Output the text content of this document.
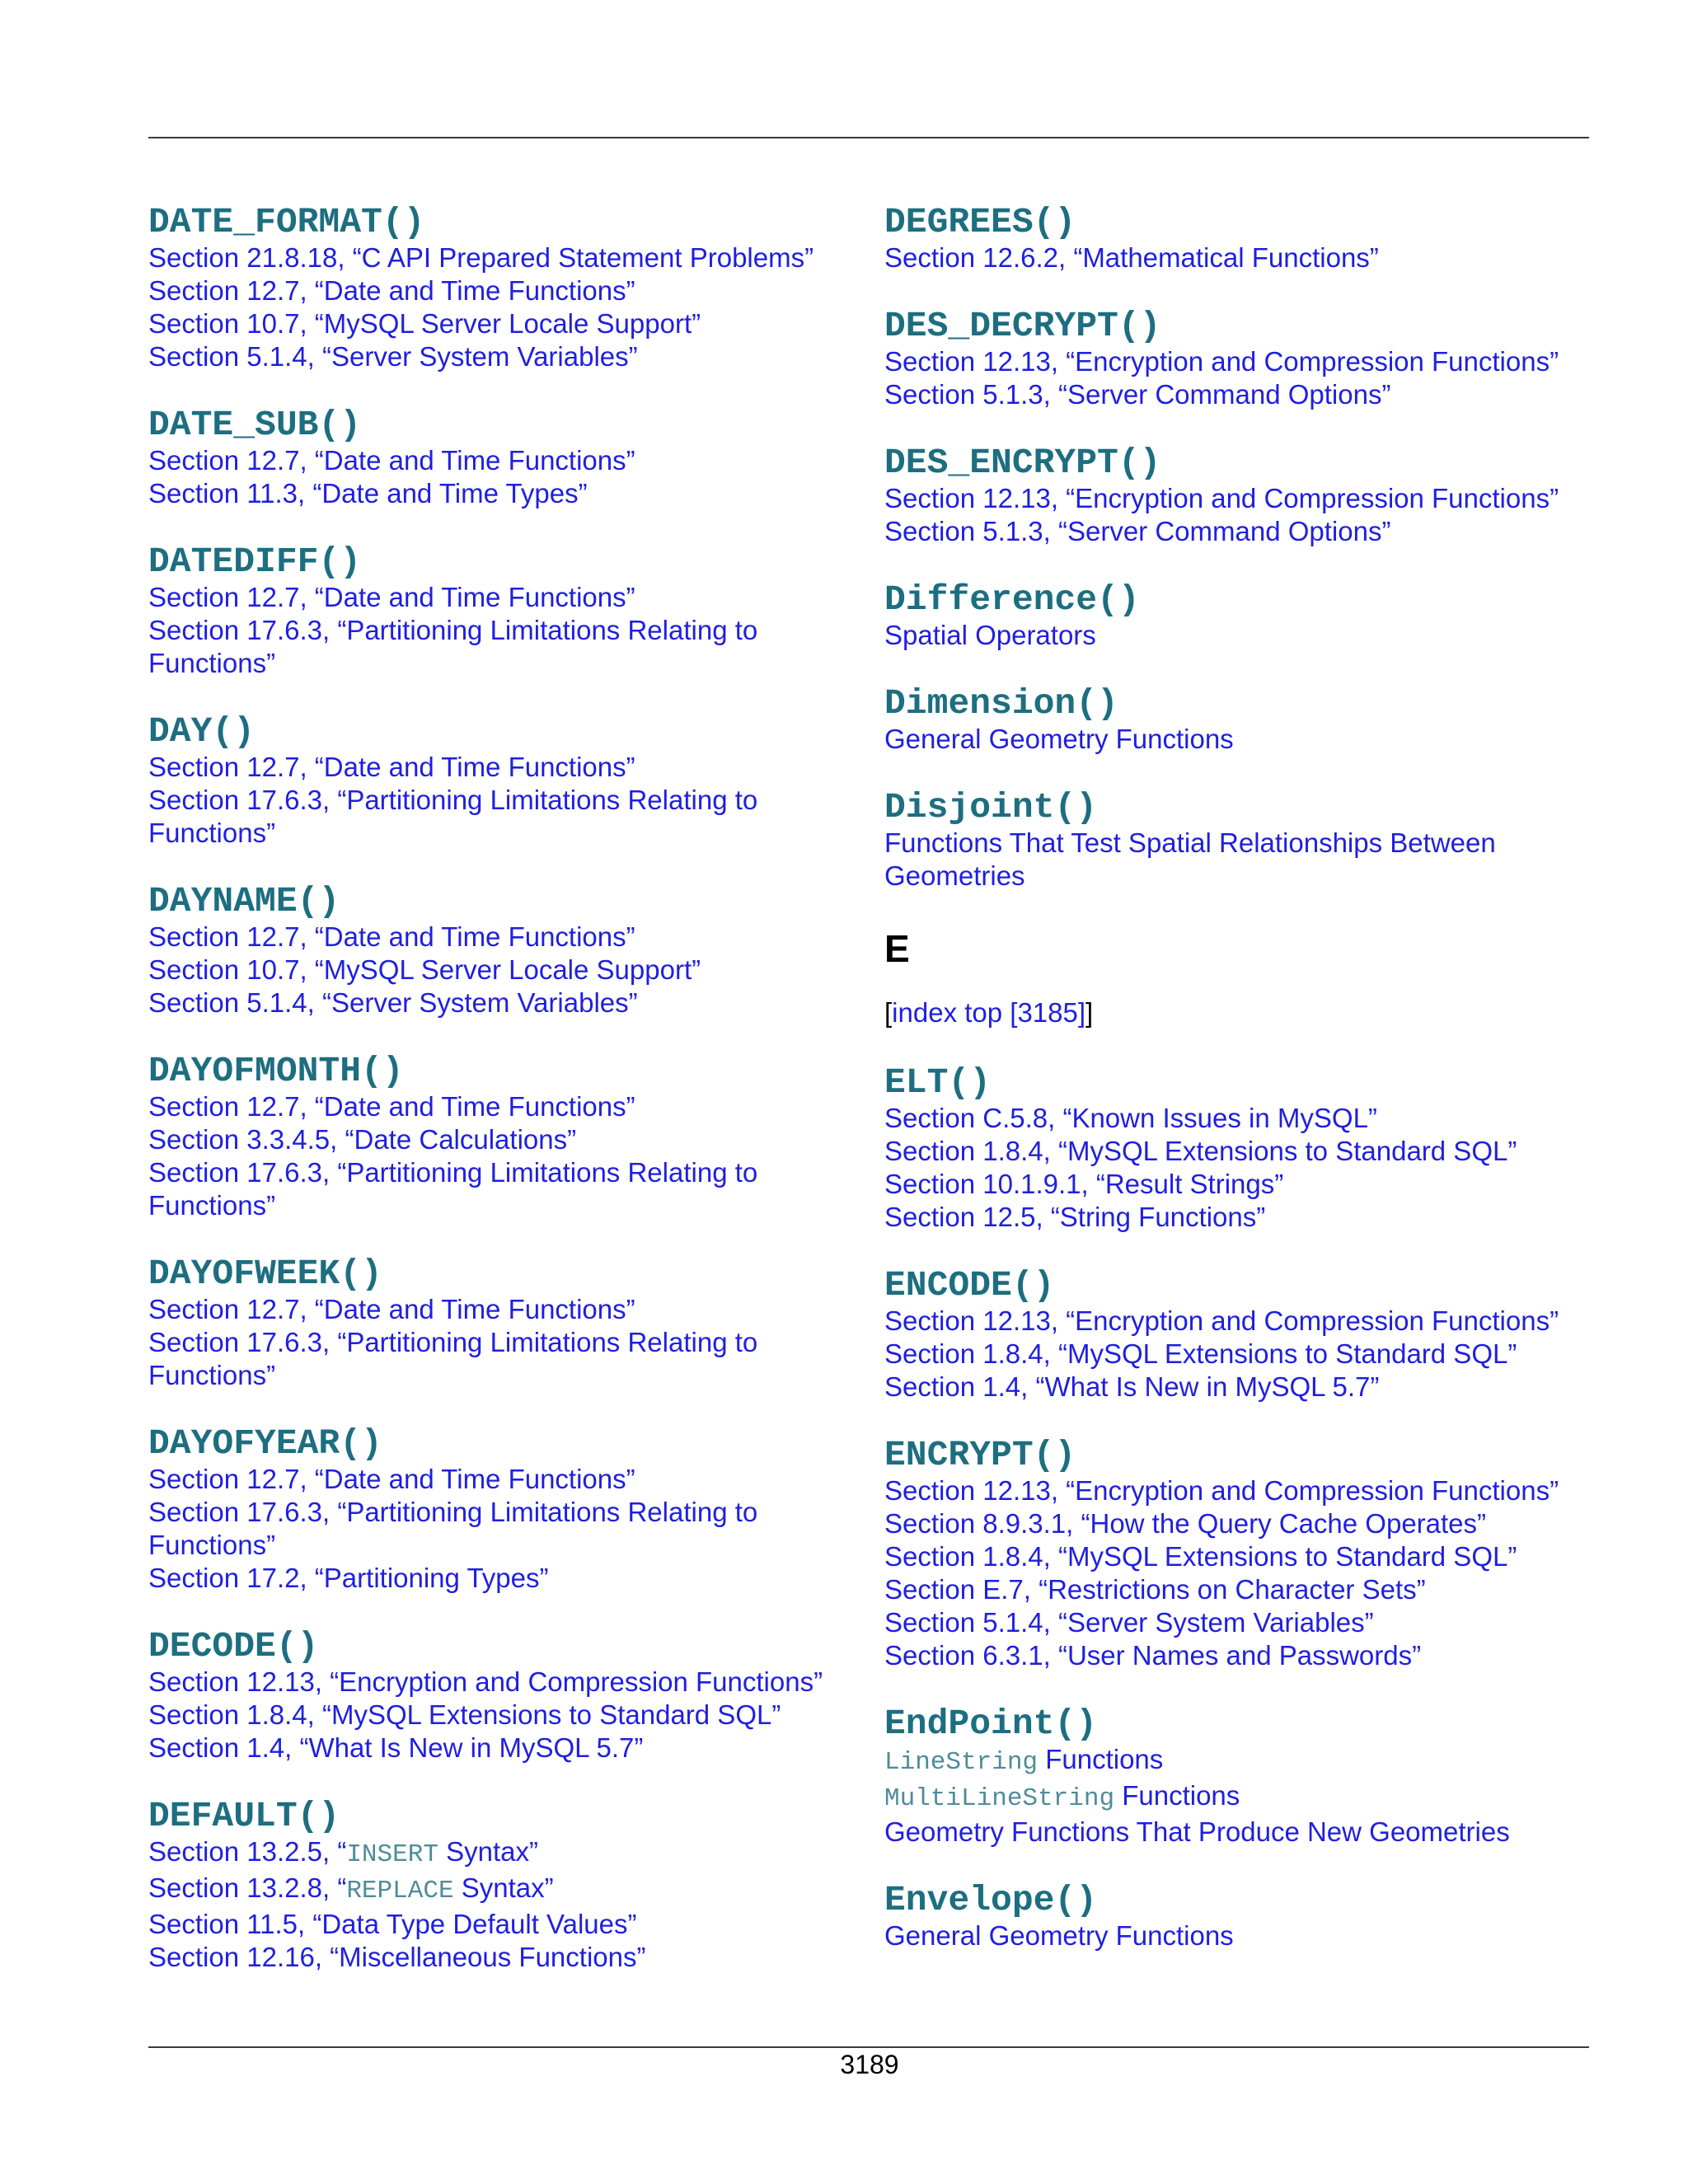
DATE_FORMAT()
Section 21.8.18, “C API Prepared Statement Problems”
Section 12.7, “Date and Time Functions”
Section 10.7, “MySQL Server Locale Support”
Section 5.1.4, “Server System Variables”
DATE_SUB()
Section 12.7, “Date and Time Functions”
Section 11.3, “Date and Time Types”
DATEDIFF()
Section 12.7, “Date and Time Functions”
Section 17.6.3, “Partitioning Limitations Relating to
Functions”
DAY()
Section 12.7, “Date and Time Functions”
Section 17.6.3, “Partitioning Limitations Relating to
Functions”
DAYNAME()
Section 12.7, “Date and Time Functions”
Section 10.7, “MySQL Server Locale Support”
Section 5.1.4, “Server System Variables”
DAYOFMONTH()
Section 12.7, “Date and Time Functions”
Section 3.3.4.5, “Date Calculations”
Section 17.6.3, “Partitioning Limitations Relating to
Functions”
DAYOFWEEK()
Section 12.7, “Date and Time Functions”
Section 17.6.3, “Partitioning Limitations Relating to
Functions”
DAYOFYEAR()
Section 12.7, “Date and Time Functions”
Section 17.6.3, “Partitioning Limitations Relating to
Functions”
Section 17.2, “Partitioning Types”
DECODE()
Section 12.13, “Encryption and Compression Functions”
Section 1.8.4, “MySQL Extensions to Standard SQL”
Section 1.4, “What Is New in MySQL 5.7”
DEFAULT()
Section 13.2.5, “INSERT Syntax”
Section 13.2.8, “REPLACE Syntax”
Section 11.5, “Data Type Default Values”
Section 12.16, “Miscellaneous Functions”
DEGREES()
Section 12.6.2, “Mathematical Functions”
DES_DECRYPT()
Section 12.13, “Encryption and Compression Functions”
Section 5.1.3, “Server Command Options”
DES_ENCRYPT()
Section 12.13, “Encryption and Compression Functions”
Section 5.1.3, “Server Command Options”
Difference()
Spatial Operators
Dimension()
General Geometry Functions
Disjoint()
Functions That Test Spatial Relationships Between
Geometries
E
[index top [3185]]
ELT()
Section C.5.8, “Known Issues in MySQL”
Section 1.8.4, “MySQL Extensions to Standard SQL”
Section 10.1.9.1, “Result Strings”
Section 12.5, “String Functions”
ENCODE()
Section 12.13, “Encryption and Compression Functions”
Section 1.8.4, “MySQL Extensions to Standard SQL”
Section 1.4, “What Is New in MySQL 5.7”
ENCRYPT()
Section 12.13, “Encryption and Compression Functions”
Section 8.9.3.1, “How the Query Cache Operates”
Section 1.8.4, “MySQL Extensions to Standard SQL”
Section E.7, “Restrictions on Character Sets”
Section 5.1.4, “Server System Variables”
Section 6.3.1, “User Names and Passwords”
EndPoint()
LineString Functions
MultiLineString Functions
Geometry Functions That Produce New Geometries
Envelope()
General Geometry Functions
3189
